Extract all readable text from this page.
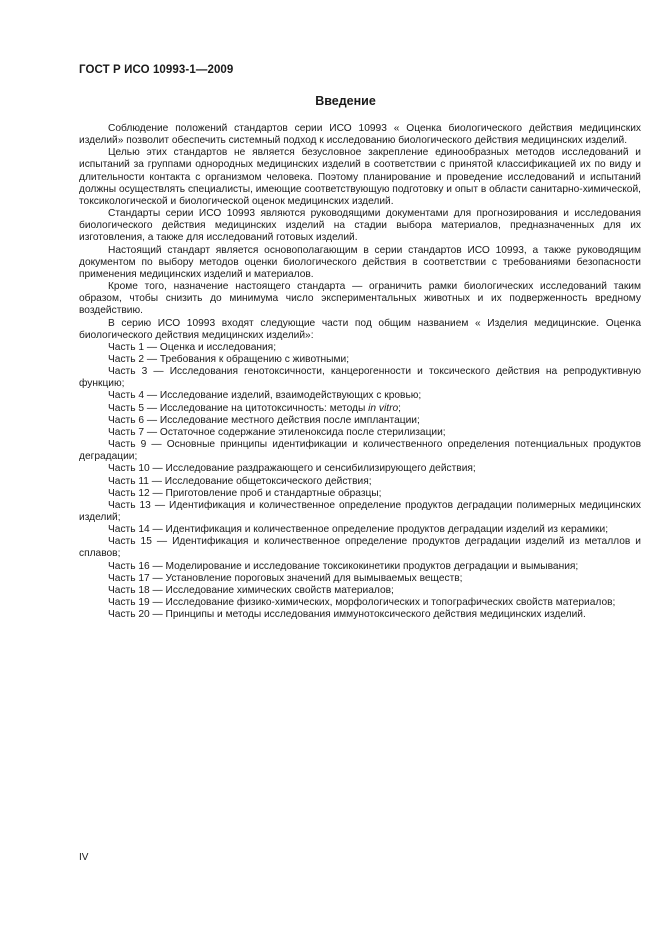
ГОСТ Р ИСО 10993-1—2009
Введение

Соблюдение положений стандартов серии ИСО 10993 « Оценка биологического действия медицинских изделий» позволит обеспечить системный подход к исследованию биологического действия медицинских изделий.

Целью этих стандартов не является безусловное закрепление единообразных методов исследований и испытаний за группами однородных медицинских изделий в соответствии с принятой классификацией их по виду и длительности контакта с организмом человека. Поэтому планирование и проведение исследований и испытаний должны осуществлять специалисты, имеющие соответствующую подготовку и опыт в области санитарно-химической, токсикологической и биологической оценок медицинских изделий.

Стандарты серии ИСО 10993 являются руководящими документами для прогнозирования и исследования биологического действия медицинских изделий на стадии выбора материалов, предназначенных для их изготовления, а также для исследований готовых изделий.

Настоящий стандарт является основополагающим в серии стандартов ИСО 10993, а также руководящим документом по выбору методов оценки биологического действия в соответствии с требованиями безопасности применения медицинских изделий и материалов.

Кроме того, назначение настоящего стандарта — ограничить рамки биологических исследований таким образом, чтобы снизить до минимума число экспериментальных животных и их подверженность вредному воздействию.

В серию ИСО 10993 входят следующие части под общим названием « Изделия медицинские. Оценка биологического действия медицинских изделий»:

Часть 1 — Оценка и исследования;

Часть 2 — Требования к обращению с животными;

Часть 3 — Исследования генотоксичности, канцерогенности и токсического действия на репродуктивную функцию;

Часть 4 — Исследование изделий, взаимодействующих с кровью;

Часть 5 — Исследование на цитотоксичность: методы in vitro;

Часть 6 — Исследование местного действия после имплантации;

Часть 7 — Остаточное содержание этиленоксида после стерилизации;

Часть 9 — Основные принципы идентификации и количественного определения потенциальных продуктов деградации;

Часть 10 — Исследование раздражающего и сенсибилизирующего действия;

Часть 11 — Исследование общетоксического действия;

Часть 12 — Приготовление проб и стандартные образцы;

Часть 13 — Идентификация и количественное определение продуктов деградации полимерных медицинских изделий;

Часть 14 — Идентификация и количественное определение продуктов деградации изделий из керамики;

Часть 15 — Идентификация и количественное определение продуктов деградации изделий из металлов и сплавов;

Часть 16 — Моделирование и исследование токсикокинетики продуктов деградации и вымывания;

Часть 17 — Установление пороговых значений для вымываемых веществ;

Часть 18 — Исследование химических свойств материалов;

Часть 19 — Исследование физико-химических, морфологических и топографических свойств материалов;

Часть 20 — Принципы и методы исследования иммунотоксического действия медицинских изделий.

IV
